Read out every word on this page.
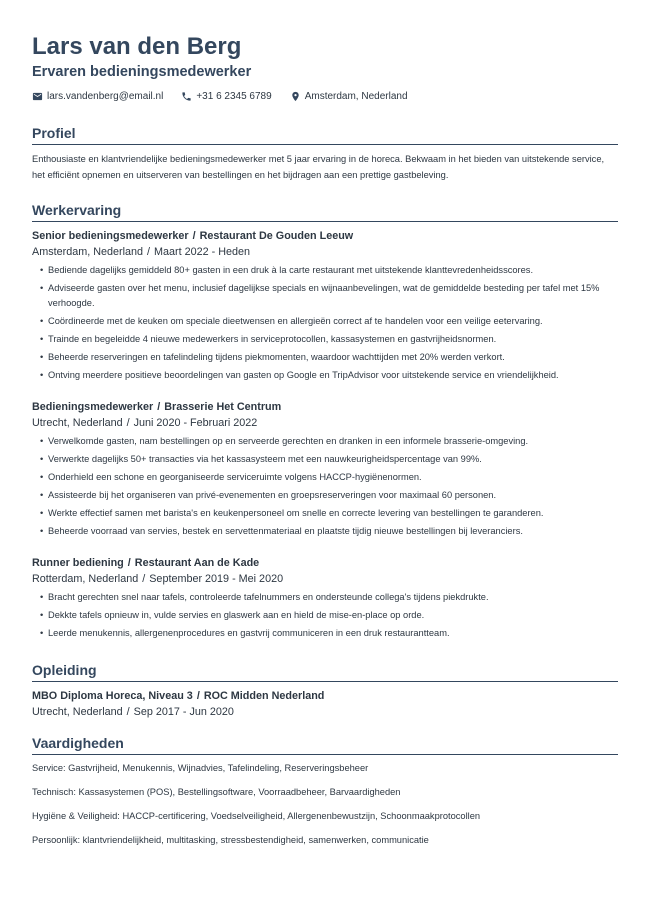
Lars van den Berg
Ervaren bedieningsmedewerker
lars.vandenberg@email.nl	+31 6 2345 6789	Amsterdam, Nederland
Profiel
Enthousiaste en klantvriendelijke bedieningsmedewerker met 5 jaar ervaring in de horeca. Bekwaam in het bieden van uitstekende service, het efficiënt opnemen en uitserveren van bestellingen en het bijdragen aan een prettige gastbeleving.
Werkervaring
Senior bedieningsmedewerker / Restaurant De Gouden Leeuw
Amsterdam, Nederland / Maart 2022 - Heden
• Bediende dagelijks gemiddeld 80+ gasten in een druk à la carte restaurant met uitstekende klanttevredenheidsscores.
• Adviseerde gasten over het menu, inclusief dagelijkse specials en wijnaanbevelingen, wat de gemiddelde besteding per tafel met 15% verhoogde.
• Coördineerde met de keuken om speciale dieetwensen en allergieën correct af te handelen voor een veilige eetervaring.
• Trainde en begeleidde 4 nieuwe medewerkers in serviceprotocollen, kassasystemen en gastvrijheidsnormen.
• Beheerde reserveringen en tafelindeling tijdens piekmomenten, waardoor wachttijden met 20% werden verkort.
• Ontving meerdere positieve beoordelingen van gasten op Google en TripAdvisor voor uitstekende service en vriendelijkheid.
Bedieningsmedewerker / Brasserie Het Centrum
Utrecht, Nederland / Juni 2020 - Februari 2022
• Verwelkomde gasten, nam bestellingen op en serveerde gerechten en dranken in een informele brasserie-omgeving.
• Verwerkte dagelijks 50+ transacties via het kassasysteem met een nauwkeurigheidspercentage van 99%.
• Onderhield een schone en georganiseerde serviceruimte volgens HACCP-hygiënenormen.
• Assisteerde bij het organiseren van privé-evenementen en groepsreserveringen voor maximaal 60 personen.
• Werkte effectief samen met barista's en keukenpersoneel om snelle en correcte levering van bestellingen te garanderen.
• Beheerde voorraad van servies, bestek en servettenmateriaal en plaatste tijdig nieuwe bestellingen bij leveranciers.
Runner bediening / Restaurant Aan de Kade
Rotterdam, Nederland / September 2019 - Mei 2020
• Bracht gerechten snel naar tafels, controleerde tafelnummers en ondersteunde collega's tijdens piekdrukte.
• Dekkte tafels opnieuw in, vulde servies en glaswerk aan en hield de mise-en-place op orde.
• Leerde menukennis, allergenenprocedures en gastvrij communiceren in een druk restaurantteam.
Opleiding
MBO Diploma Horeca, Niveau 3 / ROC Midden Nederland
Utrecht, Nederland / Sep 2017 - Jun 2020
Vaardigheden
Service: Gastvrijheid, Menukennis, Wijnadvies, Tafelindeling, Reserveringsbeheer
Technisch: Kassasystemen (POS), Bestellingsoftware, Voorraadbeheer, Barvaardigheden
Hygiëne & Veiligheid: HACCP-certificering, Voedselveiligheid, Allergenenbewustzijn, Schoonmaakprotocollen
Persoonlijk: klantvriendelijkheid, multitasking, stressbestendigheid, samenwerken, communicatie
